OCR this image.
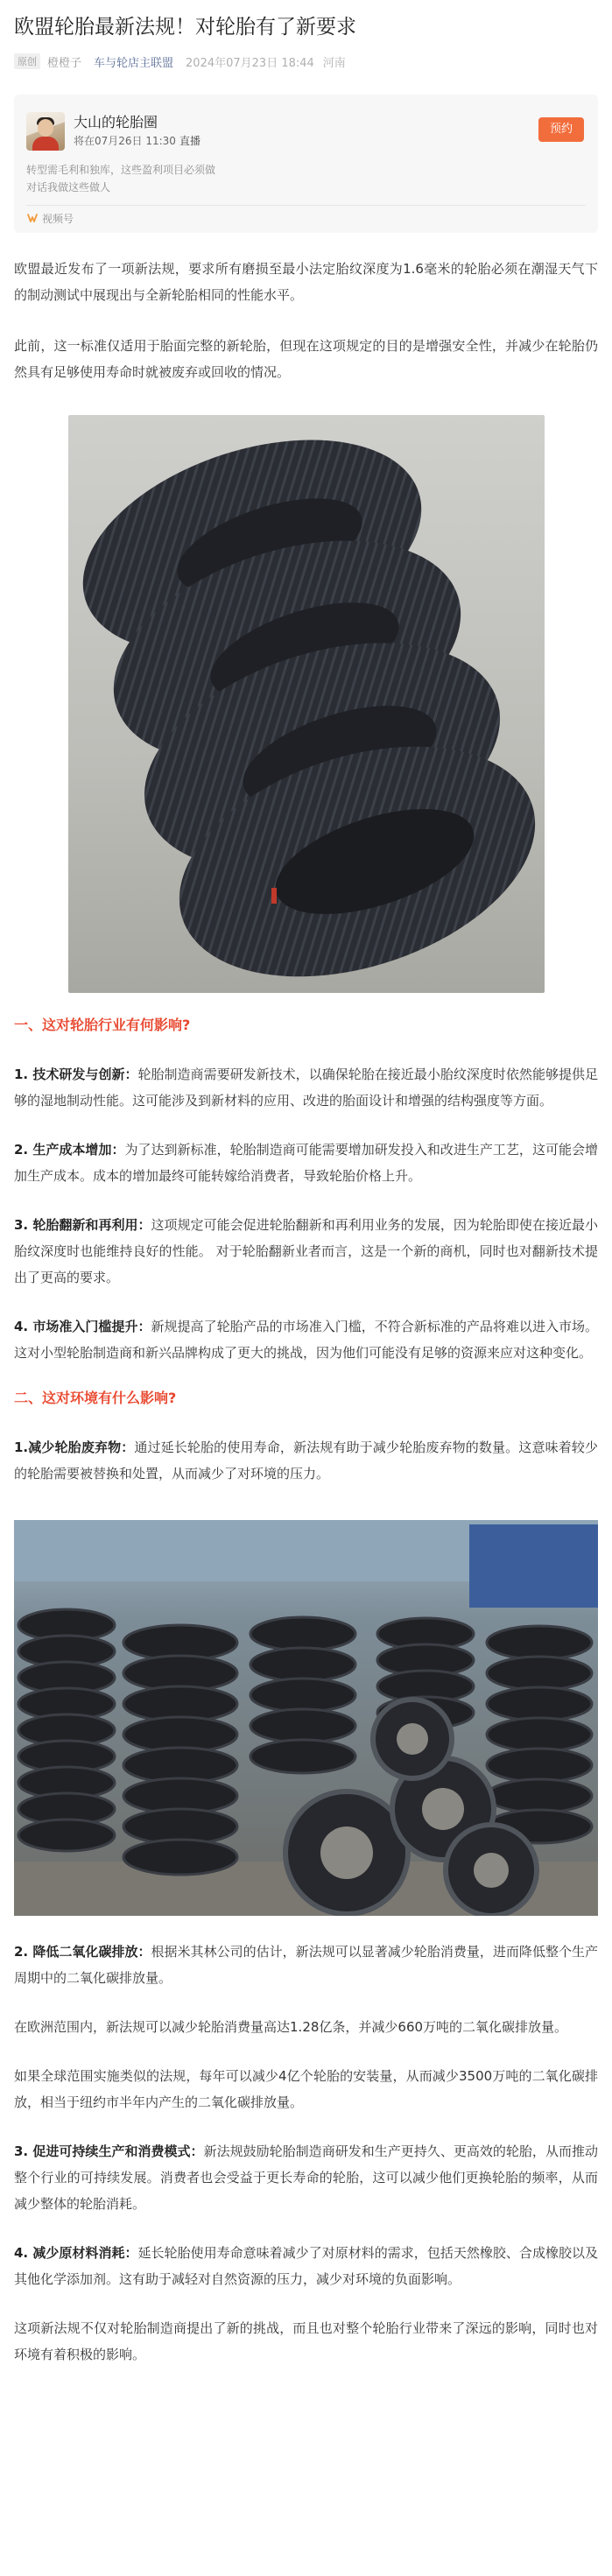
欧盟轮胎最新法规！对轮胎有了新要求
原创 橙橙子 车与轮店主联盟 2024年07月23日 18:44 河南
大山的轮胎圈
将在07月26日 11:30 直播
预约
转型需毛利和独库，这些盈利项目必须做
对话我做这些做人
视频号

欧盟最近发布了一项新法规，要求所有磨损至最小法定胎纹深度为1.6毫米的轮胎必须在潮湿天气下的制动测试中展现出与全新轮胎相同的性能水平。

此前，这一标准仅适用于胎面完整的新轮胎，但现在这项规定的目的是增强安全性，并减少在轮胎仍然具有足够使用寿命时就被废弃或回收的情况。

一、这对轮胎行业有何影响?

1. 技术研发与创新：轮胎制造商需要研发新技术，以确保轮胎在接近最小胎纹深度时依然能够提供足够的湿地制动性能。这可能涉及到新材料的应用、改进的胎面设计和增强的结构强度等方面。

2. 生产成本增加：为了达到新标准，轮胎制造商可能需要增加研发投入和改进生产工艺，这可能会增加生产成本。成本的增加最终可能转嫁给消费者，导致轮胎价格上升。

3. 轮胎翻新和再利用：这项规定可能会促进轮胎翻新和再利用业务的发展，因为轮胎即使在接近最小胎纹深度时也能维持良好的性能。 对于轮胎翻新业者而言，这是一个新的商机，同时也对翻新技术提出了更高的要求。

4. 市场准入门槛提升：新规提高了轮胎产品的市场准入门槛，不符合新标准的产品将难以进入市场。这对小型轮胎制造商和新兴品牌构成了更大的挑战，因为他们可能没有足够的资源来应对这种变化。

二、这对环境有什么影响?

1.减少轮胎废弃物：通过延长轮胎的使用寿命，新法规有助于减少轮胎废弃物的数量。这意味着较少的轮胎需要被替换和处置，从而减少了对环境的压力。

2. 降低二氧化碳排放：根据米其林公司的估计，新法规可以显著减少轮胎消费量，进而降低整个生产周期中的二氧化碳排放量。

在欧洲范围内，新法规可以减少轮胎消费量高达1.28亿条，并减少660万吨的二氧化碳排放量。

如果全球范围实施类似的法规，每年可以减少4亿个轮胎的安装量，从而减少3500万吨的二氧化碳排放，相当于纽约市半年内产生的二氧化碳排放量。

3. 促进可持续生产和消费模式：新法规鼓励轮胎制造商研发和生产更持久、更高效的轮胎，从而推动整个行业的可持续发展。消费者也会受益于更长寿命的轮胎，这可以减少他们更换轮胎的频率，从而减少整体的轮胎消耗。

4. 减少原材料消耗：延长轮胎使用寿命意味着减少了对原材料的需求，包括天然橡胶、合成橡胶以及其他化学添加剂。这有助于减轻对自然资源的压力，减少对环境的负面影响。

这项新法规不仅对轮胎制造商提出了新的挑战，而且也对整个轮胎行业带来了深远的影响，同时也对环境有着积极的影响。
